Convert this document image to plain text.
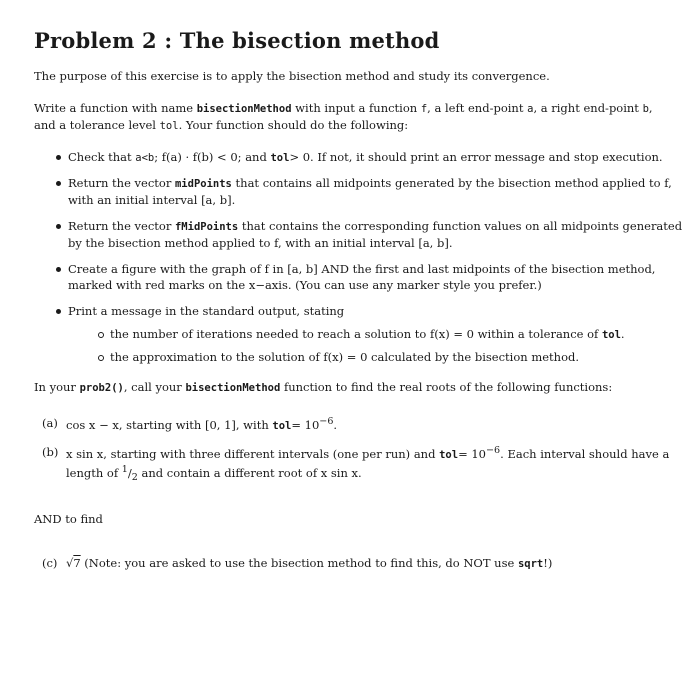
Problem 2 : The bisection method

The purpose of this exercise is to apply the bisection method and study its convergence.

Write a function with name bisectionMethod with input a function f, a left end-point a, a right end-point b,
and a tolerance level tol. Your function should do the following:

Check that a<b; f(a) · f(b) < 0; and tol> 0. If not, it should print an error message and stop execution.
Return the vector midPoints that contains all midpoints generated by the bisection method applied to f,
with an initial interval [a, b].
Return the vector fMidPoints that contains the corresponding function values on all midpoints generated
by the bisection method applied to f, with an initial interval [a, b].
Create a figure with the graph of f in [a, b] AND the first and last midpoints of the bisection method,
marked with red marks on the x−axis. (You can use any marker style you prefer.)
Print a message in the standard output, stating
the number of iterations needed to reach a solution to f(x) = 0 within a tolerance of tol.
the approximation to the solution of f(x) = 0 calculated by the bisection method.

In your prob2(), call your bisectionMethod function to find the real roots of the following functions:

(a) cos x − x, starting with [0, 1], with $tol= 10^{-6}$.
(b) x sin x, starting with three different intervals (one per run) and $tol= 10^{-6}$. Each interval should have a
length of $^1/_2$ and contain a different root of x sin x.

AND to find

(c) √7 (Note: you are asked to use the bisection method to find this, do NOT use sqrt!)
